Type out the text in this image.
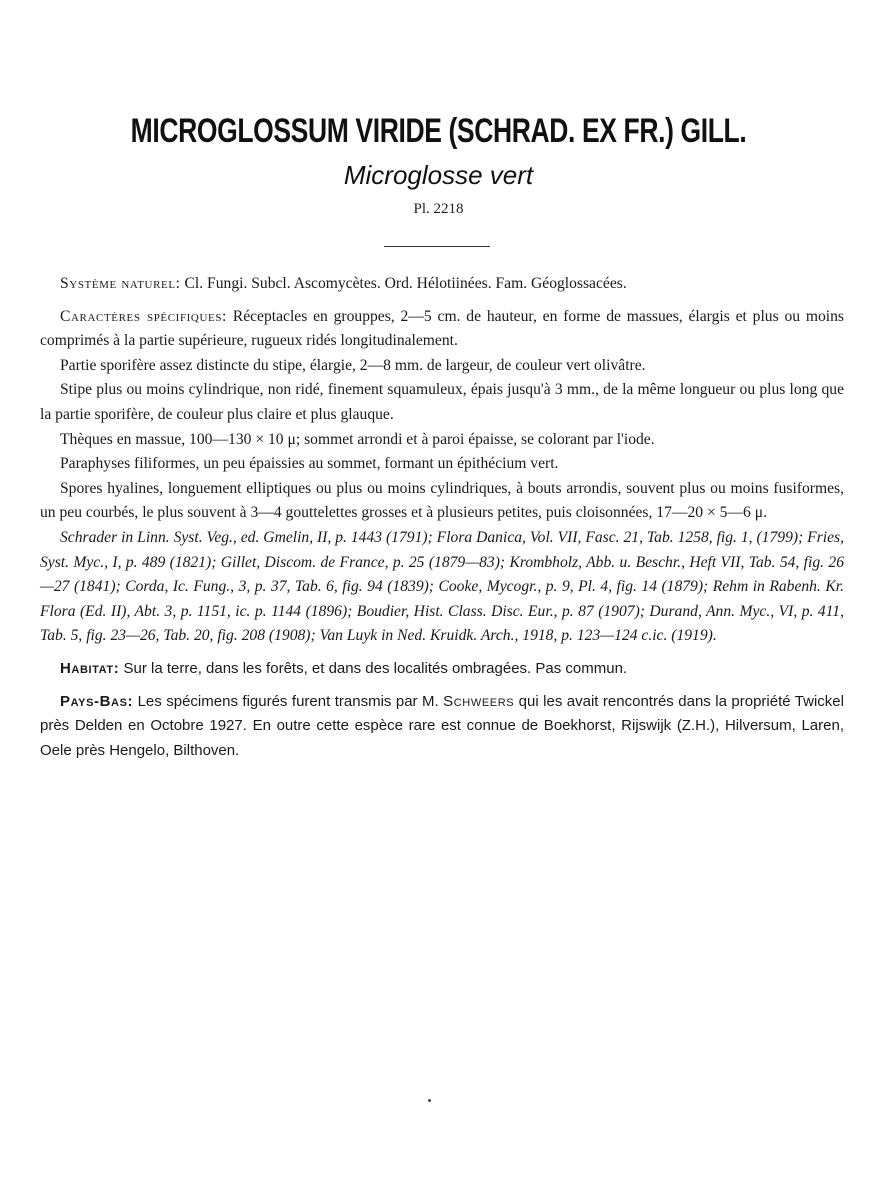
MICROGLOSSUM VIRIDE (SCHRAD. EX FR.) GILL.
Microglosse vert
Pl. 2218

Système naturel: Cl. Fungi. Subcl. Ascomycètes. Ord. Hélotiinées. Fam. Géoglossacées.

Caractères spécifiques: Réceptacles en grouppes, 2—5 cm. de hauteur, en forme de massues, élargis et plus ou moins comprimés à la partie supérieure, rugueux ridés longitudinalement.

Partie sporifère assez distincte du stipe, élargie, 2—8 mm. de largeur, de couleur vert olivâtre.

Stipe plus ou moins cylindrique, non ridé, finement squamuleux, épais jusqu'à 3 mm., de la même longueur ou plus long que la partie sporifère, de couleur plus claire et plus glauque.

Thèques en massue, 100—130 × 10 μ; sommet arrondi et à paroi épaisse, se colorant par l'iode.

Paraphyses filiformes, un peu épaissies au sommet, formant un épithécium vert.

Spores hyalines, longuement elliptiques ou plus ou moins cylindriques, à bouts arrondis, souvent plus ou moins fusiformes, un peu courbés, le plus souvent à 3—4 gouttelettes grosses et à plusieurs petites, puis cloisonnées, 17—20 × 5—6 μ.

Schrader in Linn. Syst. Veg., ed. Gmelin, II, p. 1443 (1791); Flora Danica, Vol. VII, Fasc. 21, Tab. 1258, fig. 1, (1799); Fries, Syst. Myc., I, p. 489 (1821); Gillet, Discom. de France, p. 25 (1879—83); Krombholz, Abb. u. Beschr., Heft VII, Tab. 54, fig. 26—27 (1841); Corda, Ic. Fung., 3, p. 37, Tab. 6, fig. 94 (1839); Cooke, Mycogr., p. 9, Pl. 4, fig. 14 (1879); Rehm in Rabenh. Kr. Flora (Ed. II), Abt. 3, p. 1151, ic. p. 1144 (1896); Boudier, Hist. Class. Disc. Eur., p. 87 (1907); Durand, Ann. Myc., VI, p. 411, Tab. 5, fig. 23—26, Tab. 20, fig. 208 (1908); Van Luyk in Ned. Kruidk. Arch., 1918, p. 123—124 c.ic. (1919).

Habitat: Sur la terre, dans les forêts, et dans des localités ombragées. Pas commun.

Pays-Bas: Les spécimens figurés furent transmis par M. Schweers qui les avait rencontrés dans la propriété Twickel près Delden en Octobre 1927. En outre cette espèce rare est connue de Boekhorst, Rijswijk (Z.H.), Hilversum, Laren, Oele près Hengelo, Bilthoven.
